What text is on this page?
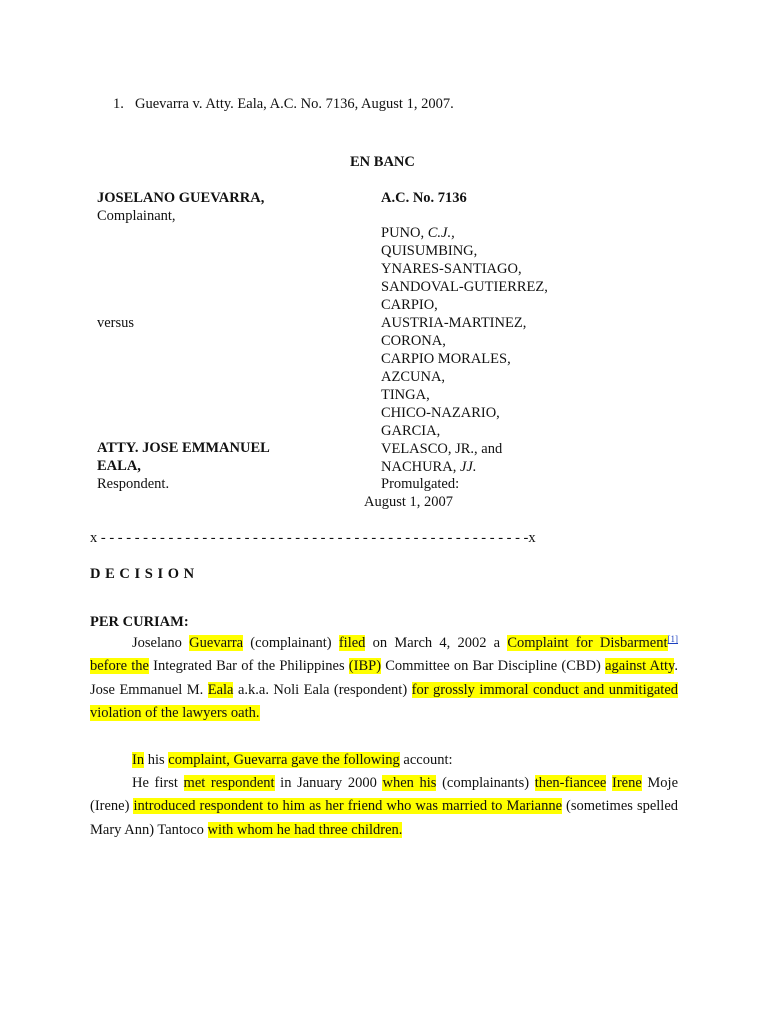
1. Guevarra v. Atty. Eala, A.C. No. 7136, August 1, 2007.
EN BANC
JOSELANO GUEVARRA,
Complainant,
versus
ATTY. JOSE EMMANUEL
EALA,
Respondent.
A.C. No. 7136
PUNO, C.J.,
QUISUMBING,
YNARES-SANTIAGO,
SANDOVAL-GUTIERREZ,
CARPIO,
AUSTRIA-MARTINEZ,
CORONA,
CARPIO MORALES,
AZCUNA,
TINGA,
CHICO-NAZARIO,
GARCIA,
VELASCO, JR., and
NACHURA, JJ.
Promulgated:
August 1, 2007
x - - - - - - - - - - - - - - - - - - - - - - - - - - - - - - - - - - - - - - - - - - - - - - - - - - -x
D E C I S I O N
PER CURIAM:

Joselano Guevarra (complainant) filed on March 4, 2002 a Complaint for Disbarment[1] before the Integrated Bar of the Philippines (IBP) Committee on Bar Discipline (CBD) against Atty. Jose Emmanuel M. Eala a.k.a. Noli Eala (respondent) for grossly immoral conduct and unmitigated violation of the lawyers oath.

In his complaint, Guevarra gave the following account:

He first met respondent in January 2000 when his (complainants) then-fiancee Irene Moje (Irene) introduced respondent to him as her friend who was married to Marianne (sometimes spelled Mary Ann) Tantoco with whom he had three children.
